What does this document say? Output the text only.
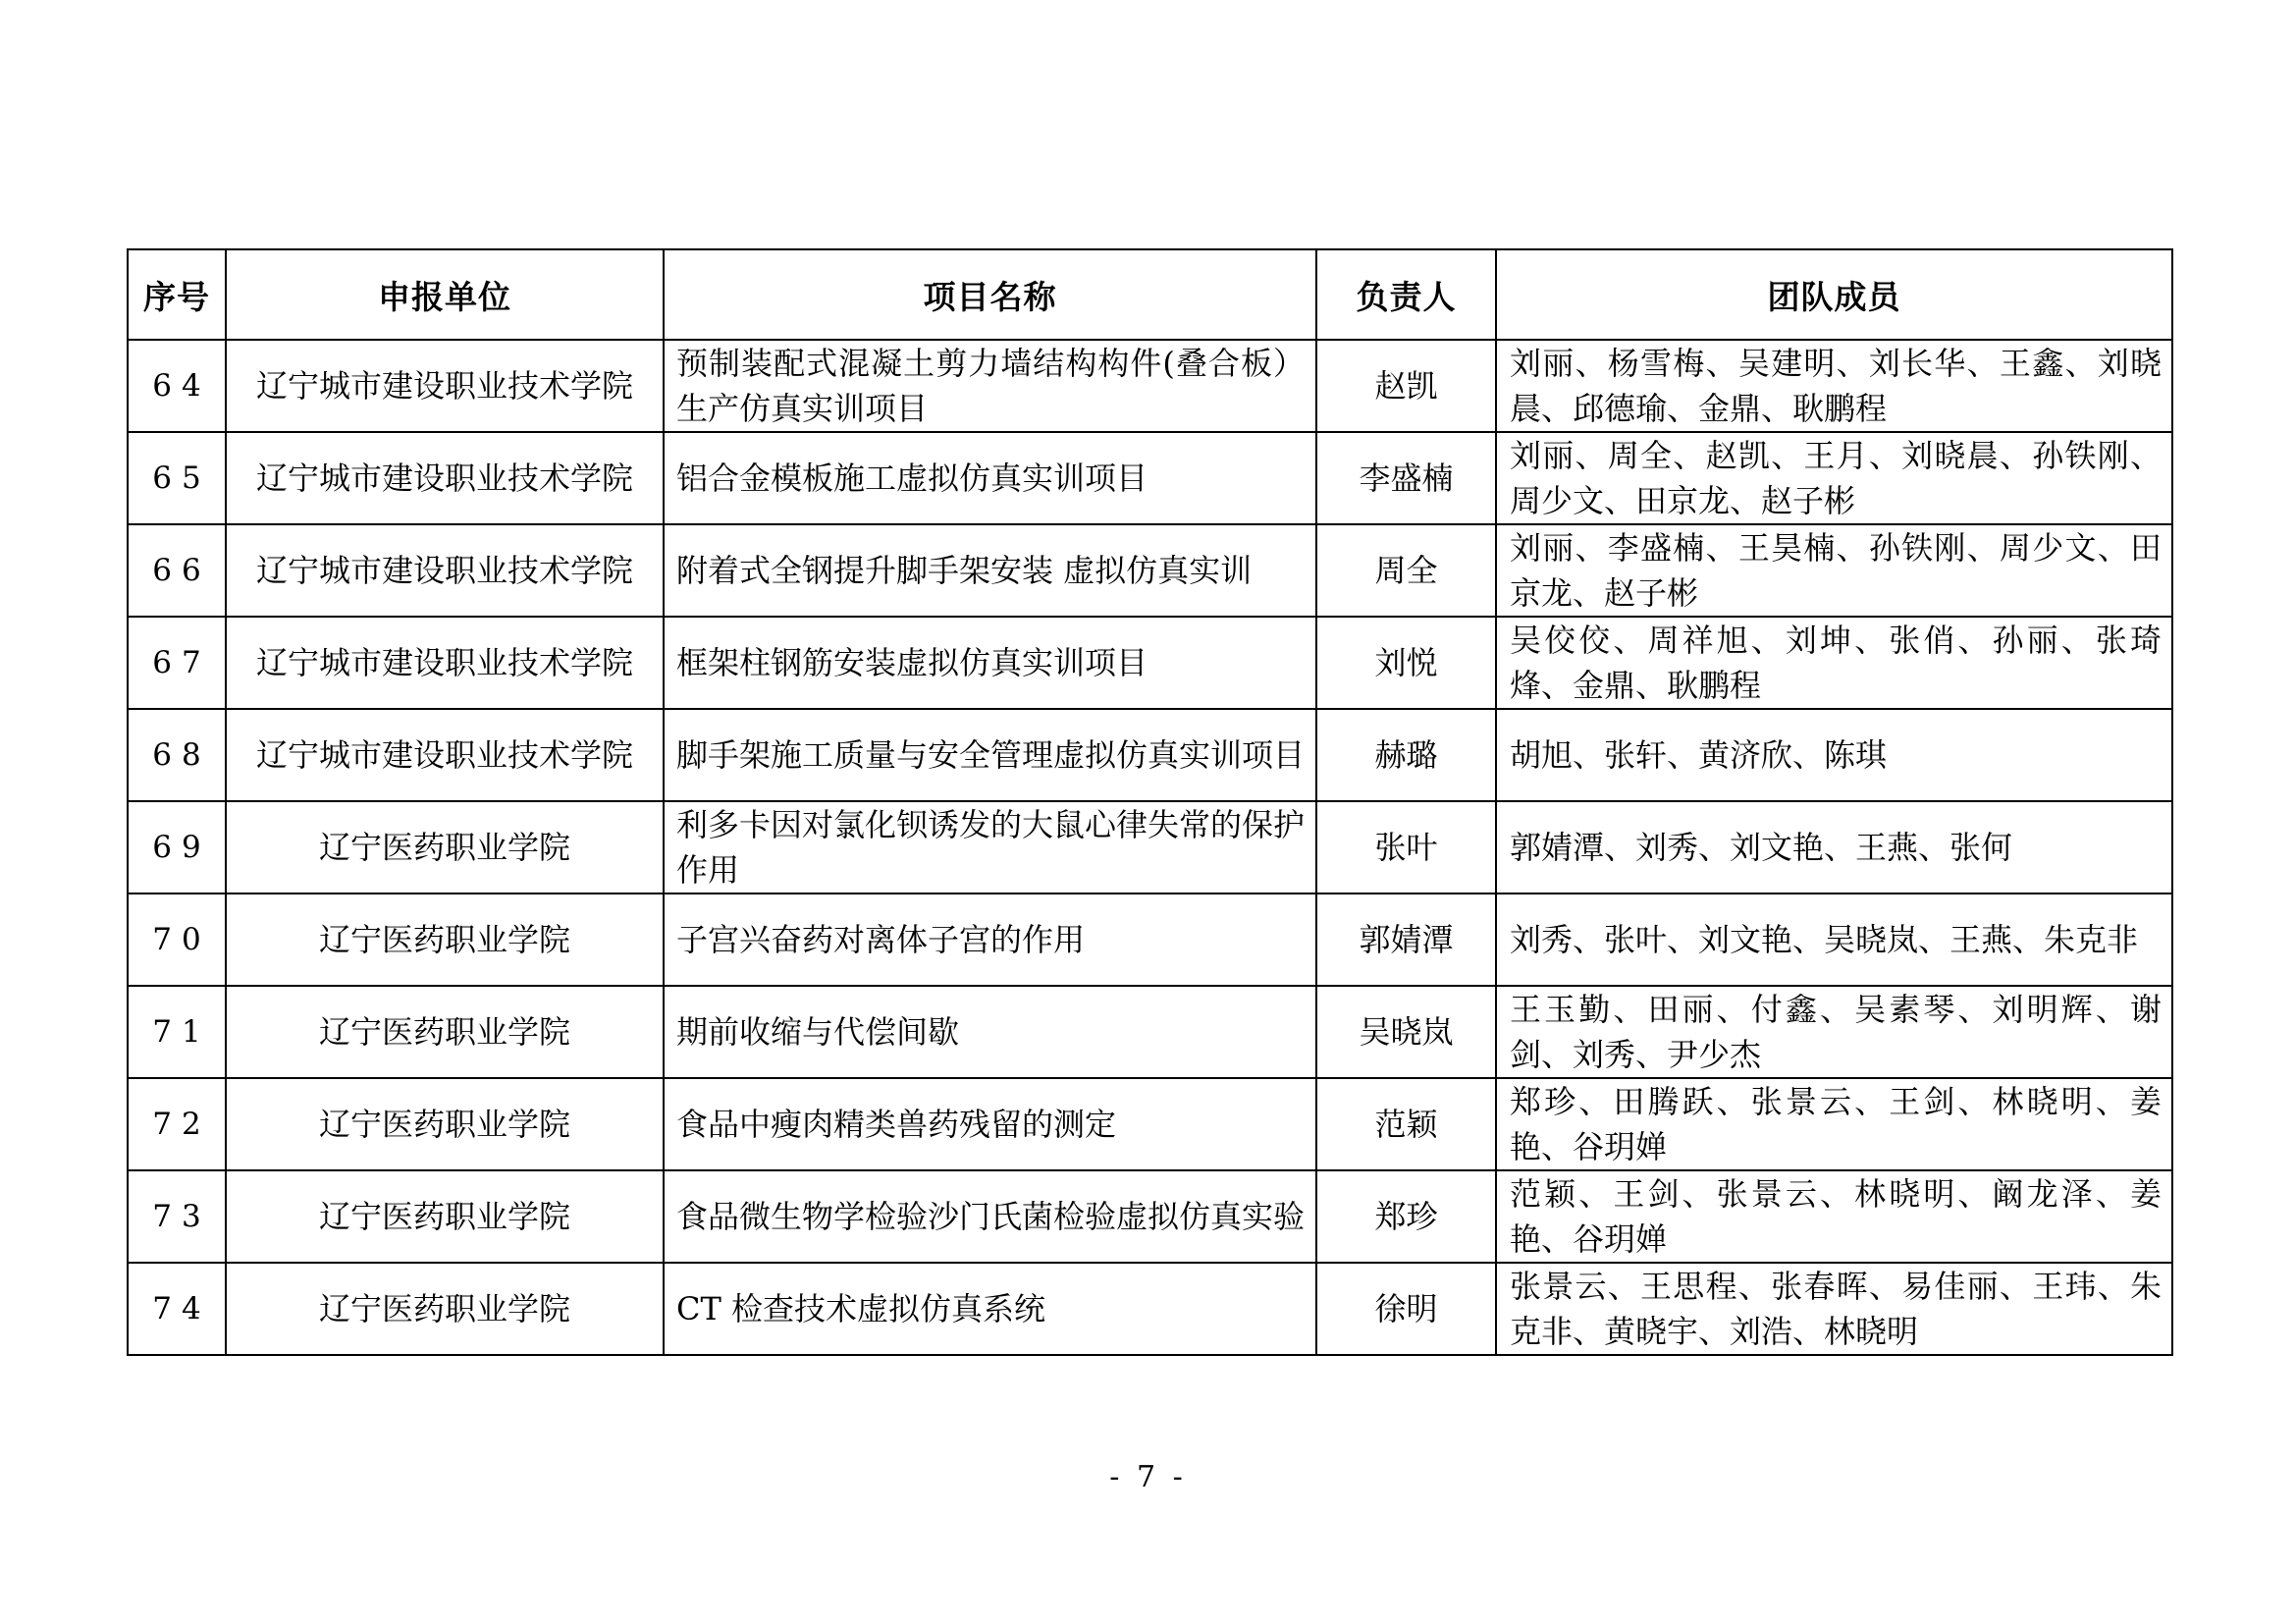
序号	申报单位	项目名称	负责人	团队成员
64	辽宁城市建设职业技术学院	预制装配式混凝土剪力墙结构构件(叠合板）生产仿真实训项目	赵凯	刘丽、杨雪梅、吴建明、刘长华、王鑫、刘晓晨、邱德瑜、金鼎、耿鹏程
65	辽宁城市建设职业技术学院	铝合金模板施工虚拟仿真实训项目	李盛楠	刘丽、周全、赵凯、王月、刘晓晨、孙铁刚、周少文、田京龙、赵子彬
66	辽宁城市建设职业技术学院	附着式全钢提升脚手架安装 虚拟仿真实训	周全	刘丽、李盛楠、王昊楠、孙铁刚、周少文、田京龙、赵子彬
67	辽宁城市建设职业技术学院	框架柱钢筋安装虚拟仿真实训项目	刘悦	吴佼佼、周祥旭、刘坤、张俏、孙丽、张琦烽、金鼎、耿鹏程
68	辽宁城市建设职业技术学院	脚手架施工质量与安全管理虚拟仿真实训项目	赫璐	胡旭、张轩、黄济欣、陈琪
69	辽宁医药职业学院	利多卡因对氯化钡诱发的大鼠心律失常的保护作用	张叶	郭婧潭、刘秀、刘文艳、王燕、张何
70	辽宁医药职业学院	子宫兴奋药对离体子宫的作用	郭婧潭	刘秀、张叶、刘文艳、吴晓岚、王燕、朱克非
71	辽宁医药职业学院	期前收缩与代偿间歇	吴晓岚	王玉勤、田丽、付鑫、吴素琴、刘明辉、谢剑、刘秀、尹少杰
72	辽宁医药职业学院	食品中瘦肉精类兽药残留的测定	范颖	郑珍、田腾跃、张景云、王剑、林晓明、姜艳、谷玥婵
73	辽宁医药职业学院	食品微生物学检验沙门氏菌检验虚拟仿真实验	郑珍	范颖、王剑、张景云、林晓明、阚龙泽、姜艳、谷玥婵
74	辽宁医药职业学院	CT 检查技术虚拟仿真系统	徐明	张景云、王思程、张春晖、易佳丽、王玮、朱克非、黄晓宇、刘浩、林晓明
- 7 -
